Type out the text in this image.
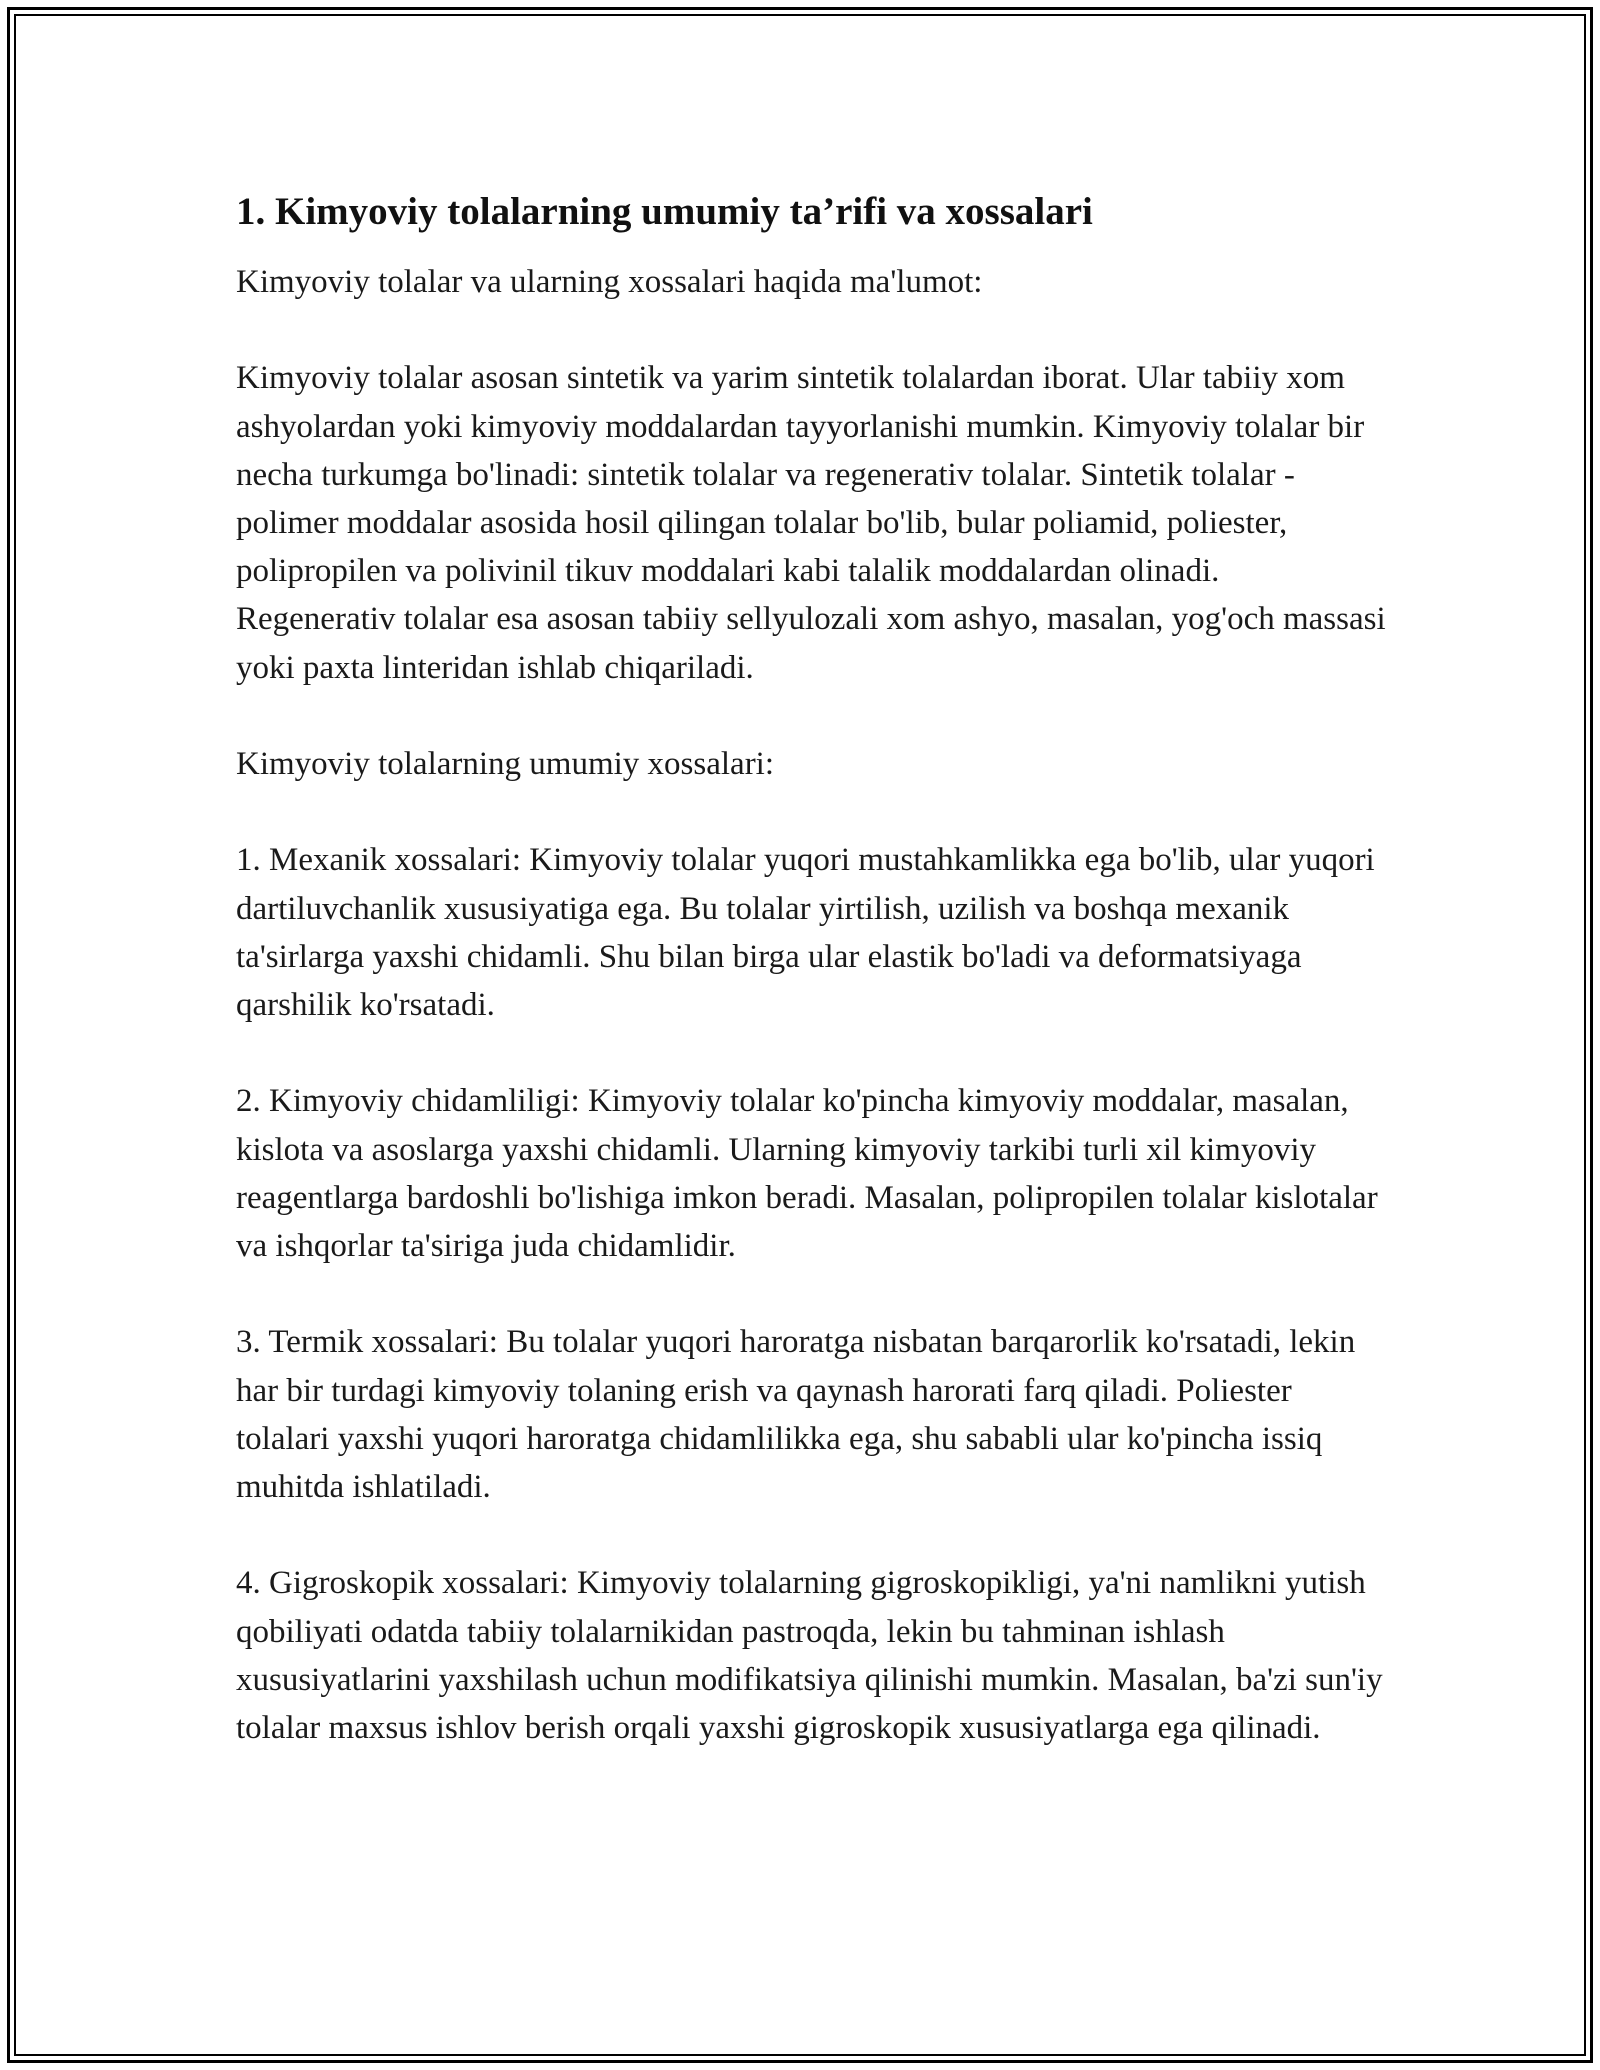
1. Kimyoviy tolalarning umumiy ta’rifi va xossalari

Kimyoviy tolalar va ularning xossalari haqida ma'lumot:

Kimyoviy tolalar asosan sintetik va yarim sintetik tolalardan iborat. Ular tabiiy xom ashyolardan yoki kimyoviy moddalardan tayyorlanishi mumkin. Kimyoviy tolalar bir necha turkumga bo'linadi: sintetik tolalar va regenerativ tolalar. Sintetik tolalar - polimer moddalar asosida hosil qilingan tolalar bo'lib, bular poliamid, poliester, polipropilen va polivinil tikuv moddalari kabi talalik moddalardan olinadi. Regenerativ tolalar esa asosan tabiiy sellyulozali xom ashyo, masalan, yog'och massasi yoki paxta linteridan ishlab chiqariladi.

Kimyoviy tolalarning umumiy xossalari:

1. Mexanik xossalari: Kimyoviy tolalar yuqori mustahkamlikka ega bo'lib, ular yuqori dartiluvchanlik xususiyatiga ega. Bu tolalar yirtilish, uzilish va boshqa mexanik ta'sirlarga yaxshi chidamli. Shu bilan birga ular elastik bo'ladi va deformatsiyaga qarshilik ko'rsatadi.

2. Kimyoviy chidamliligi: Kimyoviy tolalar ko'pincha kimyoviy moddalar, masalan, kislota va asoslarga yaxshi chidamli. Ularning kimyoviy tarkibi turli xil kimyoviy reagentlarga bardoshli bo'lishiga imkon beradi. Masalan, polipropilen tolalar kislotalar va ishqorlar ta'siriga juda chidamlidir.

3. Termik xossalari: Bu tolalar yuqori haroratga nisbatan barqarorlik ko'rsatadi, lekin har bir turdagi kimyoviy tolaning erish va qaynash harorati farq qiladi. Poliester tolalari yaxshi yuqori haroratga chidamlilikka ega, shu sababli ular ko'pincha issiq muhitda ishlatiladi.

4. Gigroskopik xossalari: Kimyoviy tolalarning gigroskopikligi, ya'ni namlikni yutish qobiliyati odatda tabiiy tolalarnikidan pastroqda, lekin bu tahminan ishlash xususiyatlarini yaxshilash uchun modifikatsiya qilinishi mumkin. Masalan, ba'zi sun'iy tolalar maxsus ishlov berish orqali yaxshi gigroskopik xususiyatlarga ega qilinadi.
